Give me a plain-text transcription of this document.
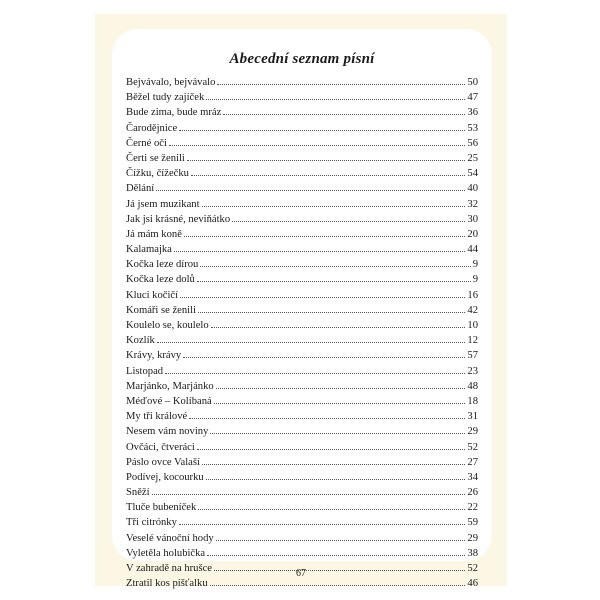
Abecední seznam písní
Bejvávalo, bejvávalo	50
Běžel tudy zajíček	47
Bude zima, bude mráz	36
Čarodějnice	53
Černé oči	56
Čerti se ženili	25
Čížku, čížečku	54
Dělání	40
Já jsem muzikant	32
Jak jsi krásné, neviňátko	30
Já mám koně	20
Kalamajka	44
Kočka leze dírou	9
Kočka leze dolů	9
Kluci kočičí	16
Komáři se ženili	42
Koulelo se, koulelo	10
Kozlík	12
Krávy, krávy	57
Listopad	23
Marjánko, Marjánko	48
Méďové – Kolíbaná	18
My tři králové	31
Nesem vám noviny	29
Ovčáci, čtveráci	52
Páslo ovce Valaší	27
Podívej, kocourku	34
Sněží	26
Tluče bubeníček	22
Tři citrónky	59
Veselé vánoční hody	29
Vyletěla holubička	38
V zahradě na hrušce	52
Ztratil kos píšťalku	46
67
